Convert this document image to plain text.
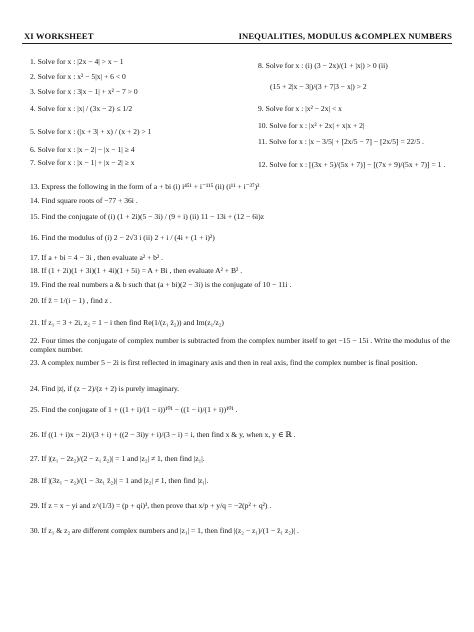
XI WORKSHEET	INEQUALITIES, MODULUS &COMPLEX NUMBERS
1. Solve for x : |2x − 4| > x − 1
2. Solve for x : x² − 5|x| + 6 < 0
3. Solve for x : 3|x − 1| + x² − 7 > 0
4. Solve for x : |x| / (3x − 2) ≤ 1/2
5. Solve for x : (|x + 3| + x) / (x + 2) > 1
6. Solve for x : |x − 2| − |x − 1| ≥ 4
7. Solve for x : |x − 1| + |x − 2| ≥ x
8. Solve for x : (i) (3 − 2x)/(1 + |x|) > 0 (ii)
(15 + 2|x − 3|)/(3 + 7|3 − x|) > 2
9. Solve for x : |x² − 2x| < x
10. Solve for x : |x² + 2x| + x|x + 2|
11. Solve for x : |x − 3/5| + [2x/5 − 7] − [2x/5] = 22/5 .
12. Solve for x : [(3x + 5)/(5x + 7)] − [(7x + 9)/(5x + 7)] = 1 .
13. Express the following in the form of a + bi (i) i⁴⁵¹ + i⁻¹¹⁵ (ii) (i¹¹ + i⁻³⁷)³
14. Find square roots of −77 + 36i .
15. Find the conjugate of (i) (1 + 2i)(5 − 3i) / (9 + i) (ii) 11 − 13i + (12 − 6i)z
16. Find the modulus of (i) 2 − 2√3 i (ii) 2 + i / (4i + (1 + i)²)
17. If a + bi = 4 − 3i , then evaluate a² + b² .
18. If (1 + 2i)(1 + 3i)(1 + 4i)(1 + 5i) = A + Bi , then evaluate A² + B² .
19. Find the real numbers a & b such that (a + bi)(2 − 3i) is the conjugate of 10 − 11i .
20. If z̄ = 1/(i − 1) , find z .
21. If z₁ = 3 + 2i, z₂ = 1 − i then find Re(1/(z₁ z̄₂)) and Im(z₁/z₂)
22. Four times the conjugate of complex number is subtracted from the complex number itself to get −15 − 15i . Write the modulus of the complex number.
23. A complex number 5 − 2i is first reflected in imaginary axis and then in real axis, find the complex number is final position.
24. Find |z|, if (z − 2)/(z + 2) is purely imaginary.
25. Find the conjugate of 1 + ((1 + i)/(1 − i))¹⁰¹ − ((1 − i)/(1 + i))¹⁰¹ .
26. If ((1 + i)x − 2i)/(3 + i) + ((2 − 3i)y + i)/(3 − i) = i, then find x & y, when x, y ∈ ℝ .
27. If |(z₁ − 2z₂)/(2 − z₁ z̄₂)| = 1 and |z₂| ≠ 1, then find |z₁|.
28. If |(3z₁ − z₂)/(1 − 3z₁ z̄₂)| = 1 and |z₂| ≠ 1, then find |z₁|.
29. If z = x − yi and z^(1/3) = (p + qi)³, then prove that x/p + y/q = −2(p² + q²) .
30. If z₁ & z₂ are different complex numbers and |z₁| = 1, then find |(z₂ − z₁)/(1 − z̄₁ z₂)| .
